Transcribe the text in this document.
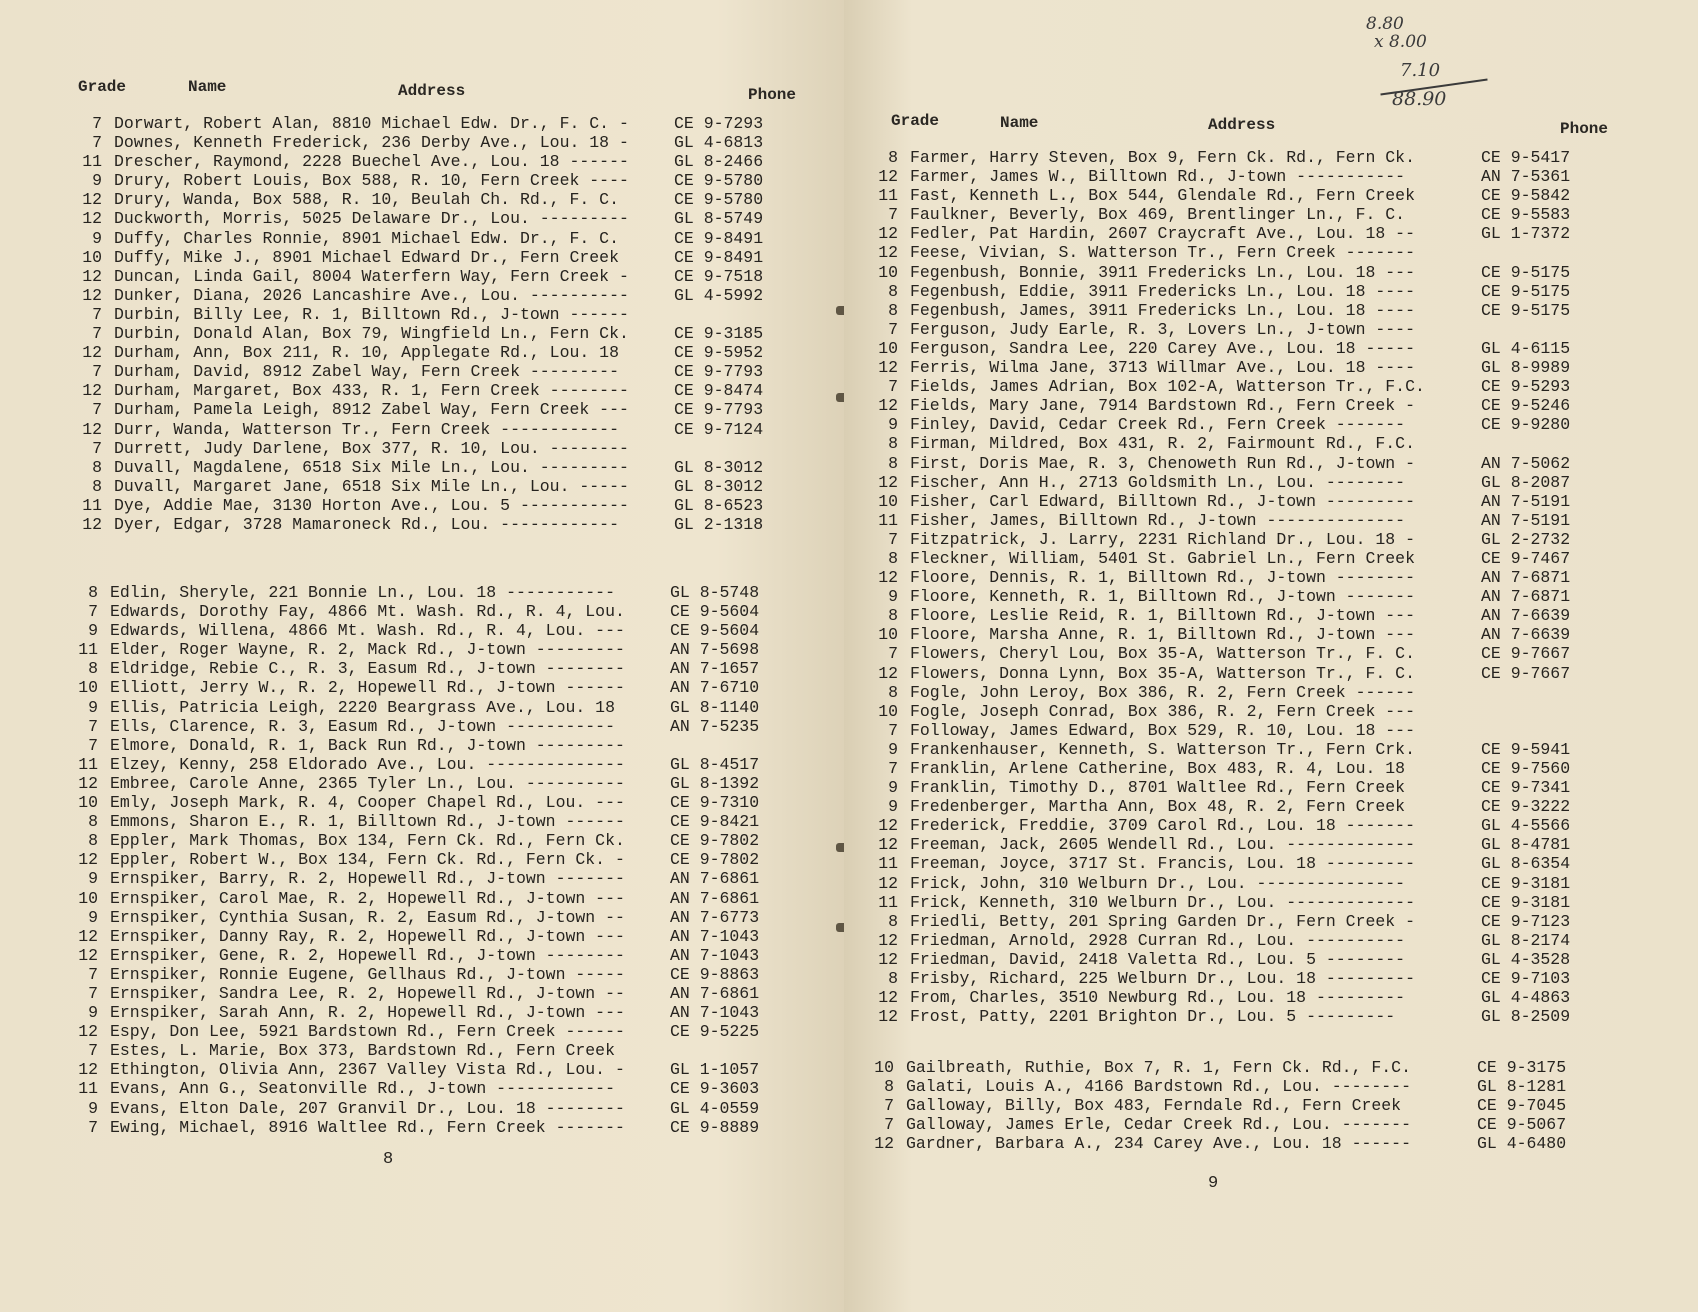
Grade	Name	Address	Phone
7 Dorwart, Robert Alan, 8810 Michael Edw. Dr., F. C. -	CE 9-7293
7 Downes, Kenneth Frederick, 236 Derby Ave., Lou. 18 -	GL 4-6813
11 Drescher, Raymond, 2228 Buechel Ave., Lou. 18 ------	GL 8-2466
9 Drury, Robert Louis, Box 588, R. 10, Fern Creek ----	CE 9-5780
12 Drury, Wanda, Box 588, R. 10, Beulah Ch. Rd., F. C.	CE 9-5780
12 Duckworth, Morris, 5025 Delaware Dr., Lou. ---------	GL 8-5749
9 Duffy, Charles Ronnie, 8901 Michael Edw. Dr., F. C.	CE 9-8491
10 Duffy, Mike J., 8901 Michael Edward Dr., Fern Creek	CE 9-8491
12 Duncan, Linda Gail, 8004 Waterfern Way, Fern Creek -	CE 9-7518
12 Dunker, Diana, 2026 Lancashire Ave., Lou. ----------	GL 4-5992
7 Durbin, Billy Lee, R. 1, Billtown Rd., J-town ------
7 Durbin, Donald Alan, Box 79, Wingfield Ln., Fern Ck.	CE 9-3185
12 Durham, Ann, Box 211, R. 10, Applegate Rd., Lou. 18	CE 9-5952
7 Durham, David, 8912 Zabel Way, Fern Creek ---------	CE 9-7793
12 Durham, Margaret, Box 433, R. 1, Fern Creek --------	CE 9-8474
7 Durham, Pamela Leigh, 8912 Zabel Way, Fern Creek ---	CE 9-7793
12 Durr, Wanda, Watterson Tr., Fern Creek ------------	CE 9-7124
7 Durrett, Judy Darlene, Box 377, R. 10, Lou. --------
8 Duvall, Magdalene, 6518 Six Mile Ln., Lou. ---------	GL 8-3012
8 Duvall, Margaret Jane, 6518 Six Mile Ln., Lou. -----	GL 8-3012
11 Dye, Addie Mae, 3130 Horton Ave., Lou. 5 -----------	GL 8-6523
12 Dyer, Edgar, 3728 Mamaroneck Rd., Lou. ------------	GL 2-1318
8 Edlin, Sheryle, 221 Bonnie Ln., Lou. 18 -----------	GL 8-5748
7 Edwards, Dorothy Fay, 4866 Mt. Wash. Rd., R. 4, Lou.	CE 9-5604
9 Edwards, Willena, 4866 Mt. Wash. Rd., R. 4, Lou. ---	CE 9-5604
11 Elder, Roger Wayne, R. 2, Mack Rd., J-town ---------	AN 7-5698
8 Eldridge, Rebie C., R. 3, Easum Rd., J-town --------	AN 7-1657
10 Elliott, Jerry W., R. 2, Hopewell Rd., J-town ------	AN 7-6710
9 Ellis, Patricia Leigh, 2220 Beargrass Ave., Lou. 18	GL 8-1140
7 Ells, Clarence, R. 3, Easum Rd., J-town -----------	AN 7-5235
7 Elmore, Donald, R. 1, Back Run Rd., J-town ---------
11 Elzey, Kenny, 258 Eldorado Ave., Lou. --------------	GL 8-4517
12 Embree, Carole Anne, 2365 Tyler Ln., Lou. ----------	GL 8-1392
10 Emly, Joseph Mark, R. 4, Cooper Chapel Rd., Lou. ---	CE 9-7310
8 Emmons, Sharon E., R. 1, Billtown Rd., J-town ------	CE 9-8421
8 Eppler, Mark Thomas, Box 134, Fern Ck. Rd., Fern Ck.	CE 9-7802
12 Eppler, Robert W., Box 134, Fern Ck. Rd., Fern Ck. -	CE 9-7802
9 Ernspiker, Barry, R. 2, Hopewell Rd., J-town -------	AN 7-6861
10 Ernspiker, Carol Mae, R. 2, Hopewell Rd., J-town ---	AN 7-6861
9 Ernspiker, Cynthia Susan, R. 2, Easum Rd., J-town --	AN 7-6773
12 Ernspiker, Danny Ray, R. 2, Hopewell Rd., J-town ---	AN 7-1043
12 Ernspiker, Gene, R. 2, Hopewell Rd., J-town --------	AN 7-1043
7 Ernspiker, Ronnie Eugene, Gellhaus Rd., J-town -----	CE 9-8863
7 Ernspiker, Sandra Lee, R. 2, Hopewell Rd., J-town --	AN 7-6861
9 Ernspiker, Sarah Ann, R. 2, Hopewell Rd., J-town ---	AN 7-1043
12 Espy, Don Lee, 5921 Bardstown Rd., Fern Creek ------	CE 9-5225
7 Estes, L. Marie, Box 373, Bardstown Rd., Fern Creek
12 Ethington, Olivia Ann, 2367 Valley Vista Rd., Lou. -	GL 1-1057
11 Evans, Ann G., Seatonville Rd., J-town ------------	CE 9-3603
9 Evans, Elton Dale, 207 Granvil Dr., Lou. 18 --------	GL 4-0559
7 Ewing, Michael, 8916 Waltlee Rd., Fern Creek -------	CE 9-8889
8
Grade	Name	Address	Phone
8.80
x 8.00
7.10
88.90
8 Farmer, Harry Steven, Box 9, Fern Ck. Rd., Fern Ck.	CE 9-5417
12 Farmer, James W., Billtown Rd., J-town -----------	AN 7-5361
11 Fast, Kenneth L., Box 544, Glendale Rd., Fern Creek	CE 9-5842
7 Faulkner, Beverly, Box 469, Brentlinger Ln., F. C.	CE 9-5583
12 Fedler, Pat Hardin, 2607 Craycraft Ave., Lou. 18 --	GL 1-7372
12 Feese, Vivian, S. Watterson Tr., Fern Creek -------
10 Fegenbush, Bonnie, 3911 Fredericks Ln., Lou. 18 ---	CE 9-5175
8 Fegenbush, Eddie, 3911 Fredericks Ln., Lou. 18 ----	CE 9-5175
8 Fegenbush, James, 3911 Fredericks Ln., Lou. 18 ----	CE 9-5175
7 Ferguson, Judy Earle, R. 3, Lovers Ln., J-town ----
10 Ferguson, Sandra Lee, 220 Carey Ave., Lou. 18 -----	GL 4-6115
12 Ferris, Wilma Jane, 3713 Willmar Ave., Lou. 18 ----	GL 8-9989
7 Fields, James Adrian, Box 102-A, Watterson Tr., F.C.	CE 9-5293
12 Fields, Mary Jane, 7914 Bardstown Rd., Fern Creek -	CE 9-5246
9 Finley, David, Cedar Creek Rd., Fern Creek -------	CE 9-9280
8 Firman, Mildred, Box 431, R. 2, Fairmount Rd., F.C.
8 First, Doris Mae, R. 3, Chenoweth Run Rd., J-town -	AN 7-5062
12 Fischer, Ann H., 2713 Goldsmith Ln., Lou. --------	GL 8-2087
10 Fisher, Carl Edward, Billtown Rd., J-town ---------	AN 7-5191
11 Fisher, James, Billtown Rd., J-town --------------	AN 7-5191
7 Fitzpatrick, J. Larry, 2231 Richland Dr., Lou. 18 -	GL 2-2732
8 Fleckner, William, 5401 St. Gabriel Ln., Fern Creek	CE 9-7467
12 Floore, Dennis, R. 1, Billtown Rd., J-town --------	AN 7-6871
9 Floore, Kenneth, R. 1, Billtown Rd., J-town -------	AN 7-6871
8 Floore, Leslie Reid, R. 1, Billtown Rd., J-town ---	AN 7-6639
10 Floore, Marsha Anne, R. 1, Billtown Rd., J-town ---	AN 7-6639
7 Flowers, Cheryl Lou, Box 35-A, Watterson Tr., F. C.	CE 9-7667
12 Flowers, Donna Lynn, Box 35-A, Watterson Tr., F. C.	CE 9-7667
8 Fogle, John Leroy, Box 386, R. 2, Fern Creek ------
10 Fogle, Joseph Conrad, Box 386, R. 2, Fern Creek ---
7 Followay, James Edward, Box 529, R. 10, Lou. 18 ---
9 Frankenhauser, Kenneth, S. Watterson Tr., Fern Crk.	CE 9-5941
7 Franklin, Arlene Catherine, Box 483, R. 4, Lou. 18	CE 9-7560
9 Franklin, Timothy D., 8701 Waltlee Rd., Fern Creek	CE 9-7341
9 Fredenberger, Martha Ann, Box 48, R. 2, Fern Creek	CE 9-3222
12 Frederick, Freddie, 3709 Carol Rd., Lou. 18 -------	GL 4-5566
12 Freeman, Jack, 2605 Wendell Rd., Lou. -------------	GL 8-4781
11 Freeman, Joyce, 3717 St. Francis, Lou. 18 ---------	GL 8-6354
12 Frick, John, 310 Welburn Dr., Lou. ---------------	CE 9-3181
11 Frick, Kenneth, 310 Welburn Dr., Lou. -------------	CE 9-3181
8 Friedli, Betty, 201 Spring Garden Dr., Fern Creek -	CE 9-7123
12 Friedman, Arnold, 2928 Curran Rd., Lou. ----------	GL 8-2174
12 Friedman, David, 2418 Valetta Rd., Lou. 5 --------	GL 4-3528
8 Frisby, Richard, 225 Welburn Dr., Lou. 18 ---------	CE 9-7103
12 From, Charles, 3510 Newburg Rd., Lou. 18 ---------	GL 4-4863
12 Frost, Patty, 2201 Brighton Dr., Lou. 5 ---------	GL 8-2509
10 Gailbreath, Ruthie, Box 7, R. 1, Fern Ck. Rd., F.C.	CE 9-3175
8 Galati, Louis A., 4166 Bardstown Rd., Lou. --------	GL 8-1281
7 Galloway, Billy, Box 483, Ferndale Rd., Fern Creek	CE 9-7045
7 Galloway, James Erle, Cedar Creek Rd., Lou. -------	CE 9-5067
12 Gardner, Barbara A., 234 Carey Ave., Lou. 18 ------	GL 4-6480
9
